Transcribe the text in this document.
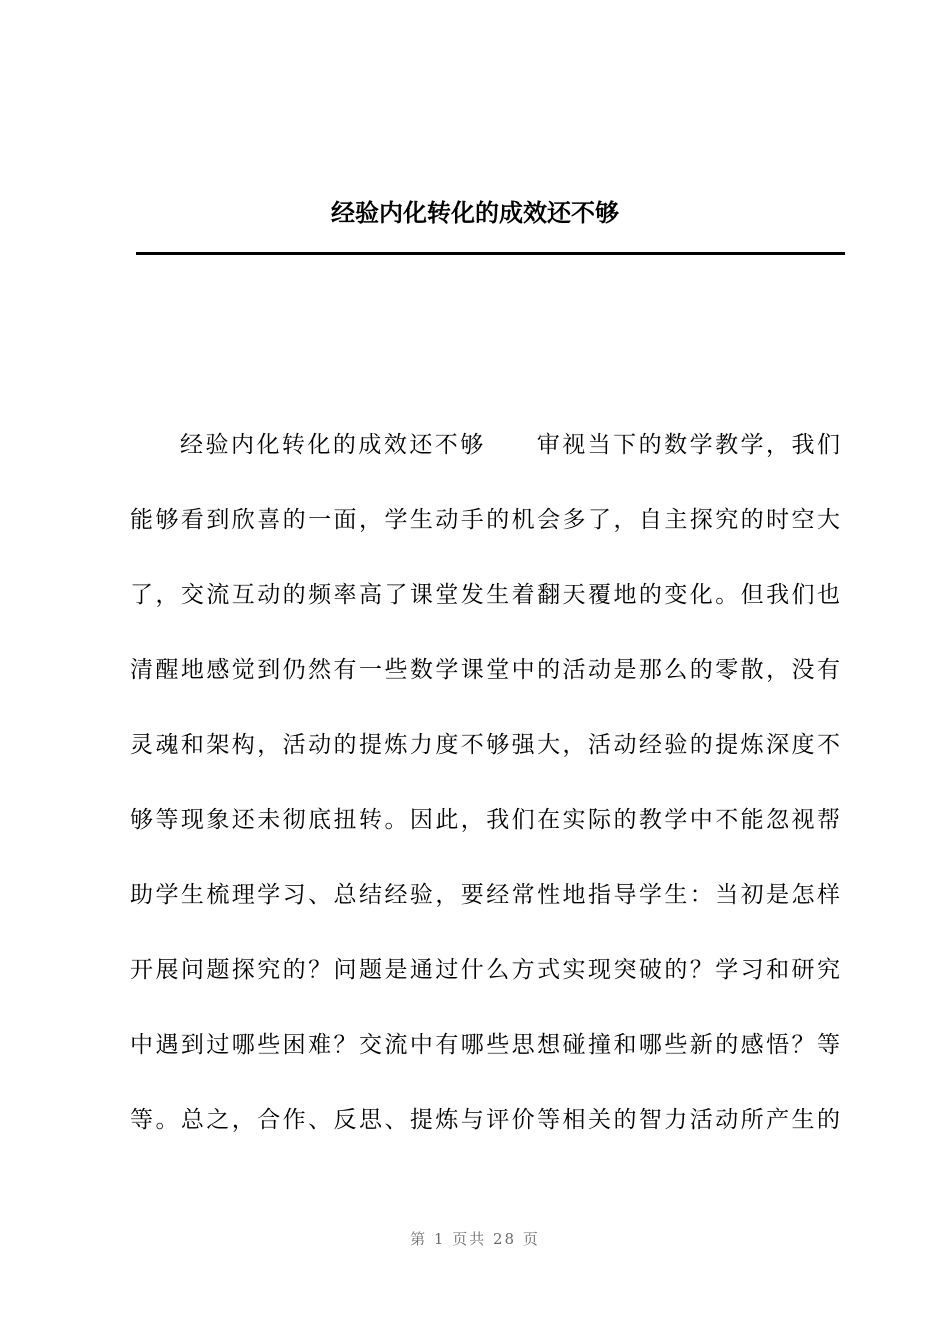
经验内化转化的成效还不够
经验内化转化的成效还不够　　审视当下的数学教学，我们
能够看到欣喜的一面，学生动手的机会多了，自主探究的时空大
了，交流互动的频率高了课堂发生着翻天覆地的变化。但我们也
清醒地感觉到仍然有一些数学课堂中的活动是那么的零散，没有
灵魂和架构，活动的提炼力度不够强大，活动经验的提炼深度不
够等现象还未彻底扭转。因此，我们在实际的教学中不能忽视帮
助学生梳理学习、总结经验，要经常性地指导学生：当初是怎样
开展问题探究的？问题是通过什么方式实现突破的？学习和研究
中遇到过哪些困难？交流中有哪些思想碰撞和哪些新的感悟？等
等。总之，合作、反思、提炼与评价等相关的智力活动所产生的
第 1 页共 28 页
